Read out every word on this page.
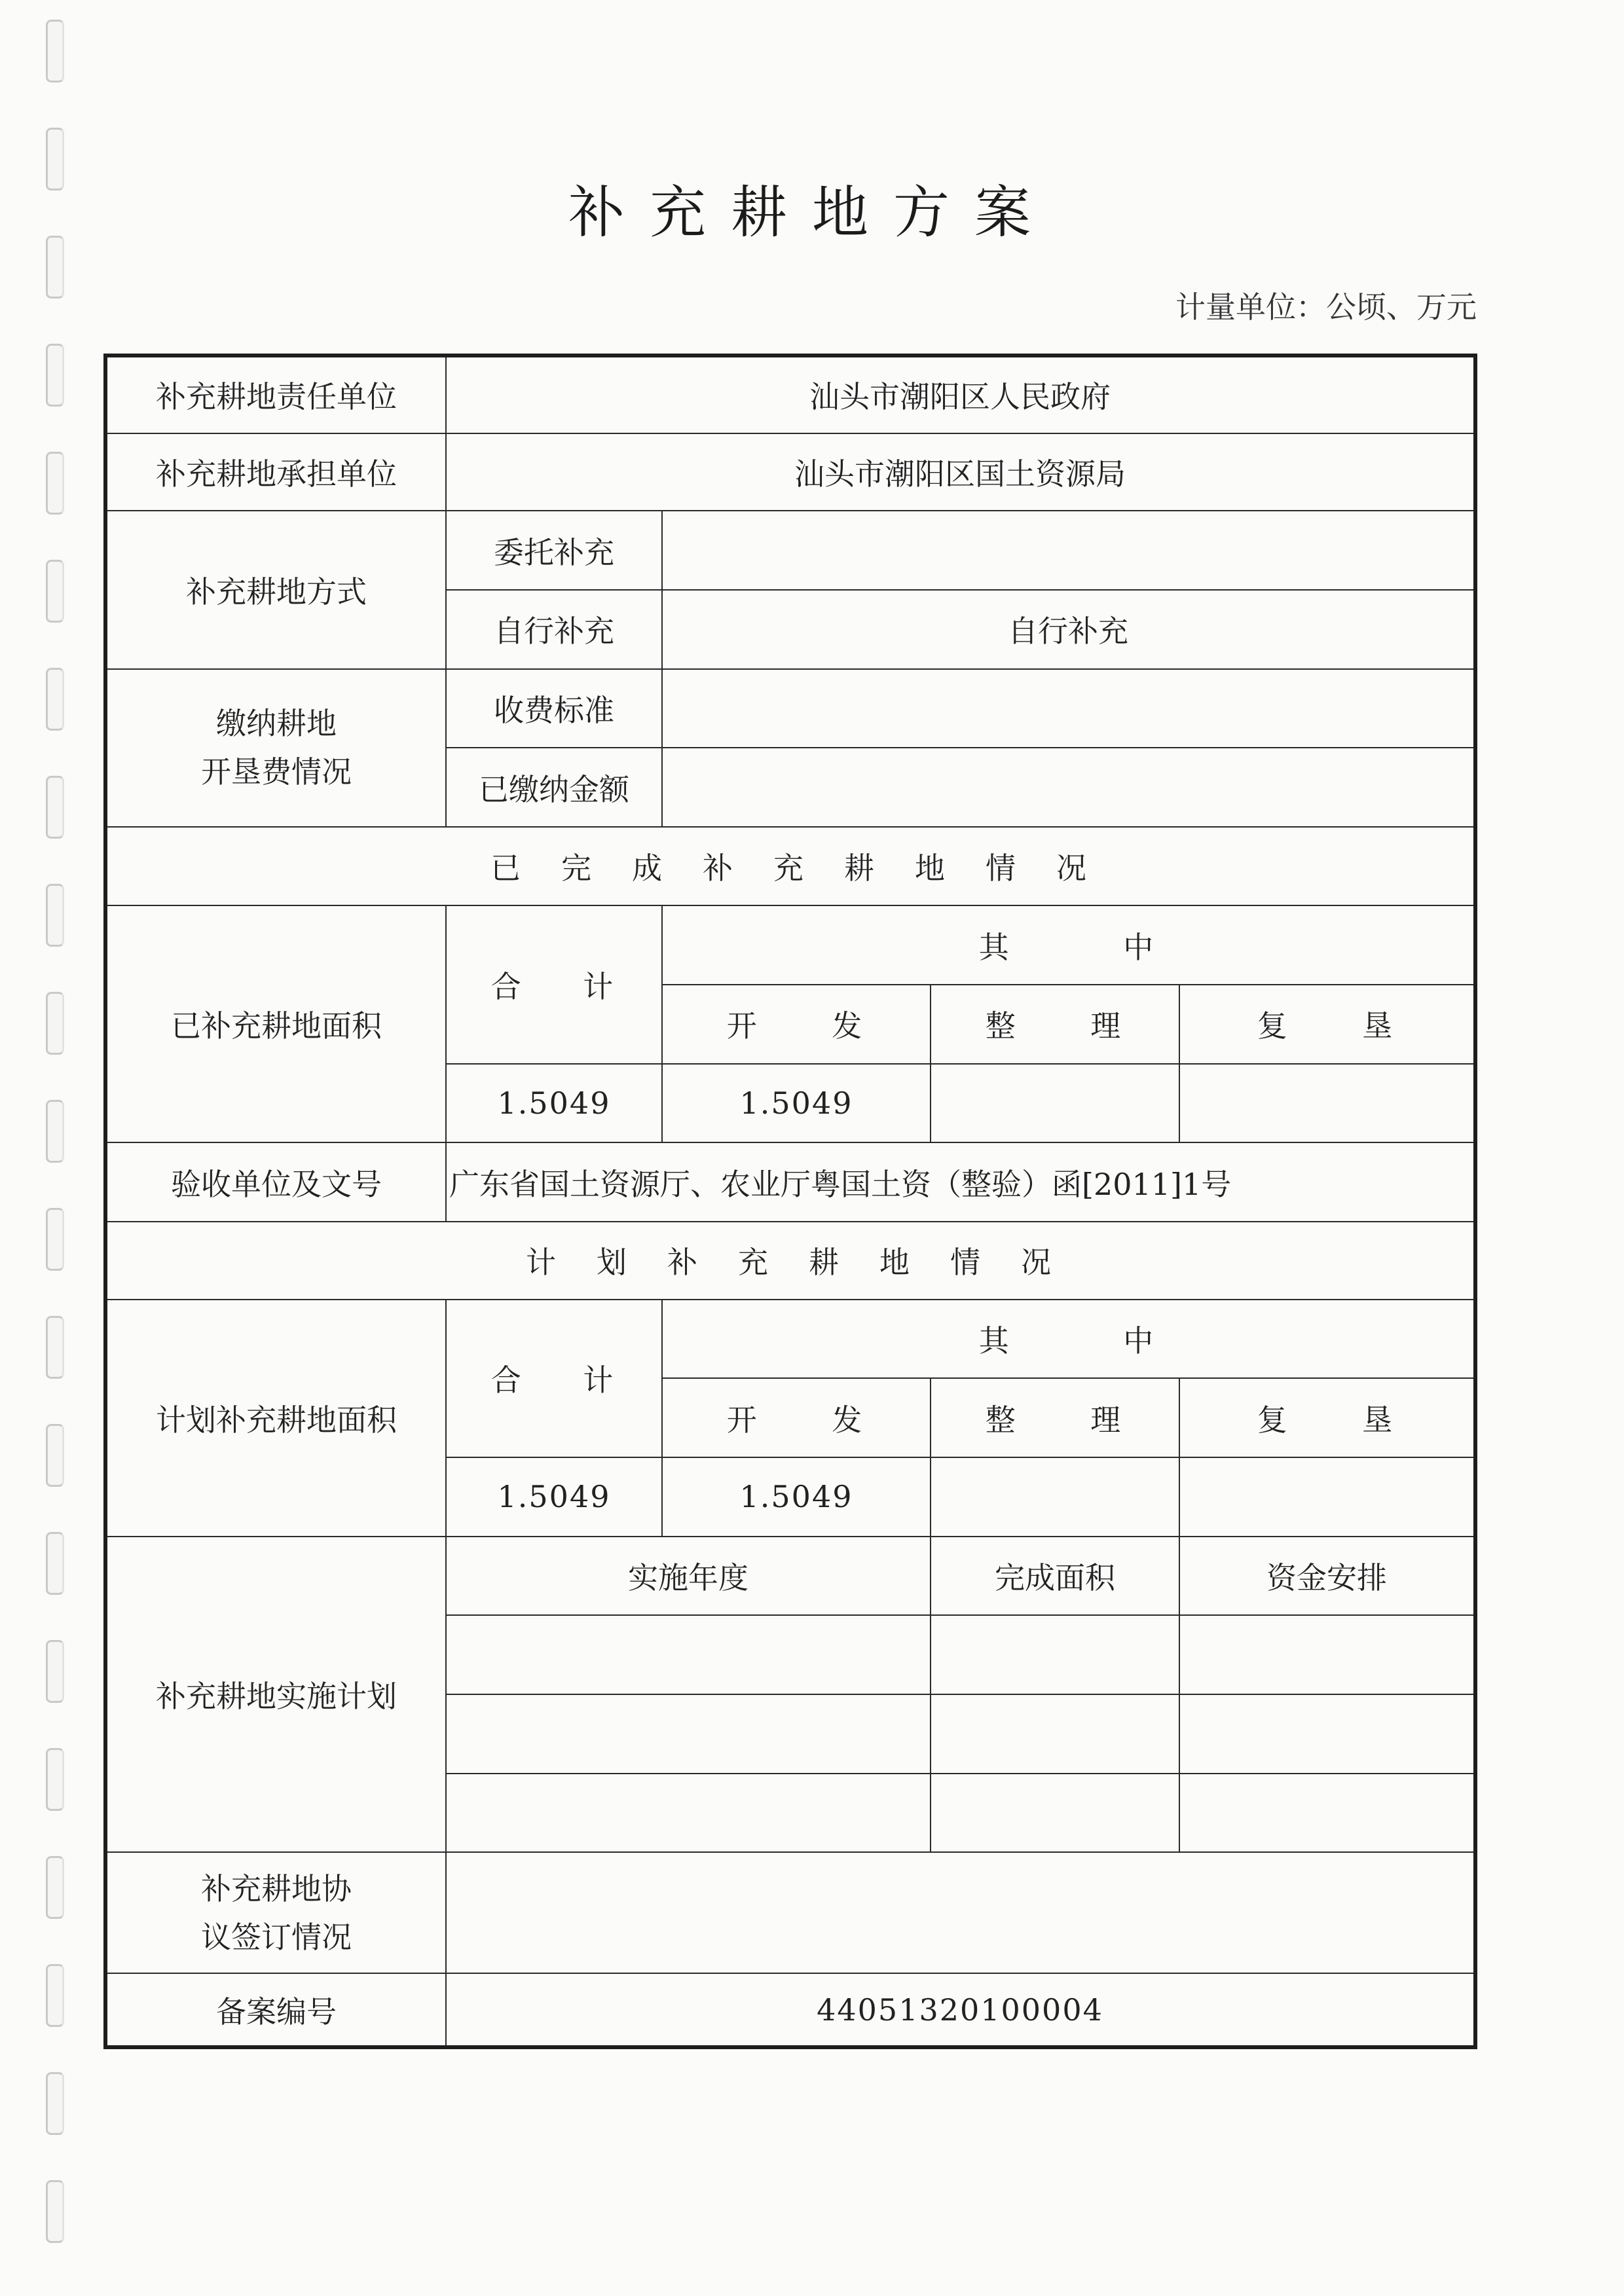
补充耕地方案
计量单位：公顷、万元
补充耕地责任单位	汕头市潮阳区人民政府			
补充耕地承担单位	汕头市潮阳区国土资源局			
补充耕地方式	委托补充			
	自行补充	自行补充		

缴纳耕地
开垦费情况	收费标准			
	已缴纳金额			
已完成补充耕地情况				
已补充耕地面积	合 计	其 中		
		开 发	整 理	复 垦
	1.5049	1.5049		
验收单位及文号	广东省国土资源厅、农业厅粤国土资（整验）函[2011]1号			
计划补充耕地情况				
计划补充耕地面积	合 计	其 中		
		开 发	整 理	复 垦
	1.5049	1.5049		
补充耕地实施计划	实施年度		完成面积	资金安排

补充耕地协
议签订情况				

备案编号	44051320100004			
